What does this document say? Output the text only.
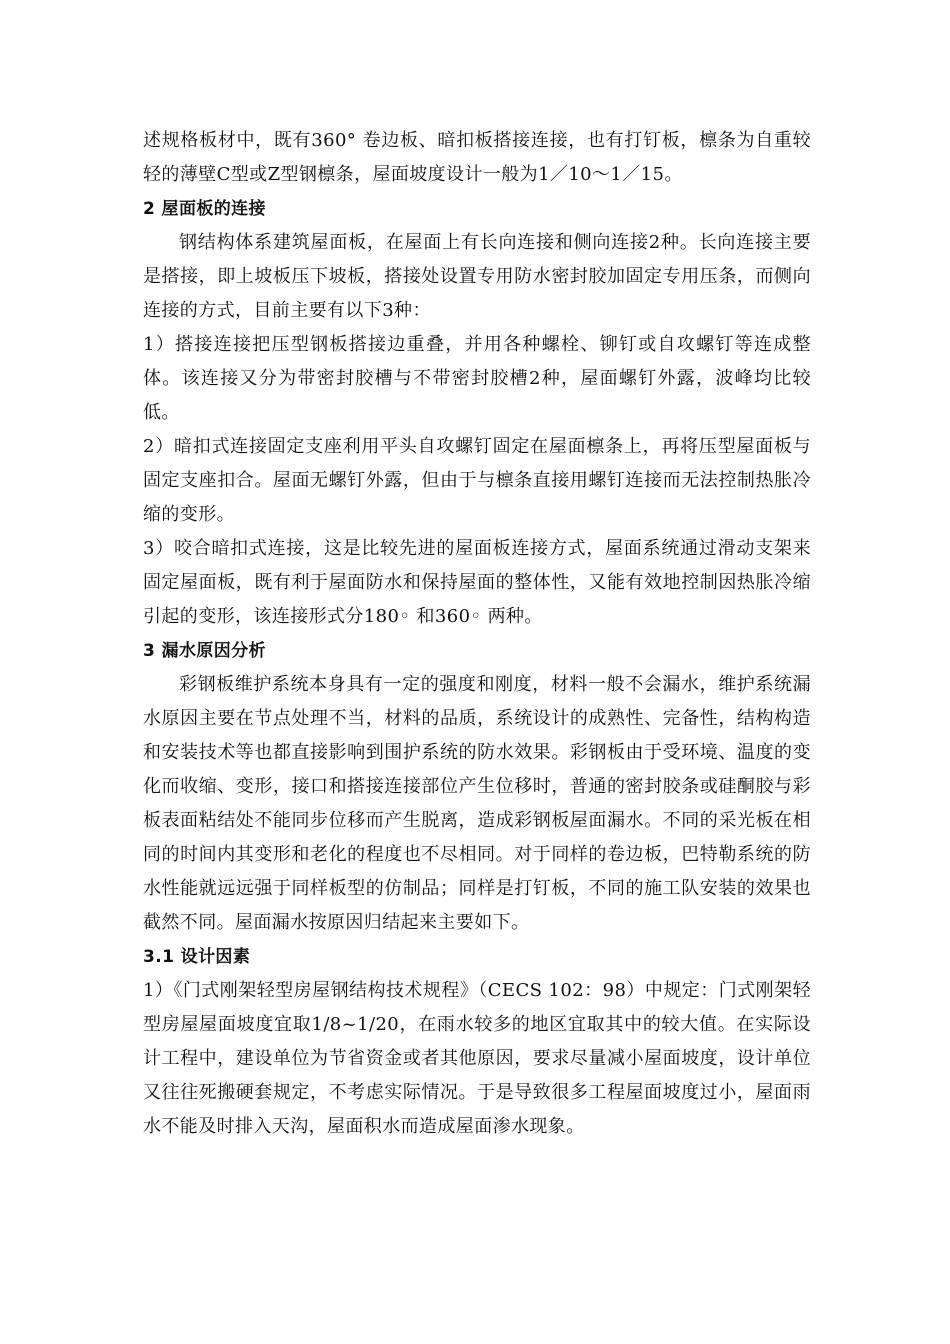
述规格板材中，既有360° 卷边板、暗扣板搭接连接，也有打钉板，檩条为自重较轻的薄壁C型或Z型钢檩条，屋面坡度设计一般为1／10～1／15。

2 屋面板的连接

钢结构体系建筑屋面板，在屋面上有长向连接和侧向连接2种。长向连接主要是搭接，即上坡板压下坡板，搭接处设置专用防水密封胶加固定专用压条，而侧向连接的方式，目前主要有以下3种：

1）搭接连接把压型钢板搭接边重叠，并用各种螺栓、铆钉或自攻螺钉等连成整体。该连接又分为带密封胶槽与不带密封胶槽2种，屋面螺钉外露，波峰均比较低。

2）暗扣式连接固定支座利用平头自攻螺钉固定在屋面檩条上，再将压型屋面板与固定支座扣合。屋面无螺钉外露，但由于与檩条直接用螺钉连接而无法控制热胀冷缩的变形。

3）咬合暗扣式连接，这是比较先进的屋面板连接方式，屋面系统通过滑动支架来固定屋面板，既有利于屋面防水和保持屋面的整体性，又能有效地控制因热胀冷缩引起的变形，该连接形式分180◦ 和360◦ 两种。

3 漏水原因分析

彩钢板维护系统本身具有一定的强度和刚度，材料一般不会漏水，维护系统漏水原因主要在节点处理不当，材料的品质，系统设计的成熟性、完备性，结构构造和安装技术等也都直接影响到围护系统的防水效果。彩钢板由于受环境、温度的变化而收缩、变形，接口和搭接连接部位产生位移时，普通的密封胶条或硅酮胶与彩板表面粘结处不能同步位移而产生脱离，造成彩钢板屋面漏水。不同的采光板在相同的时间内其变形和老化的程度也不尽相同。对于同样的卷边板，巴特勒系统的防水性能就远远强于同样板型的仿制品；同样是打钉板，不同的施工队安装的效果也截然不同。屋面漏水按原因归结起来主要如下。

3.1 设计因素

1）《门式刚架轻型房屋钢结构技术规程》（CECS 102：98）中规定：门式刚架轻型房屋屋面坡度宜取1/8~1/20，在雨水较多的地区宜取其中的较大值。在实际设计工程中，建设单位为节省资金或者其他原因，要求尽量减小屋面坡度，设计单位又往往死搬硬套规定，不考虑实际情况。于是导致很多工程屋面坡度过小，屋面雨水不能及时排入天沟，屋面积水而造成屋面渗水现象。
